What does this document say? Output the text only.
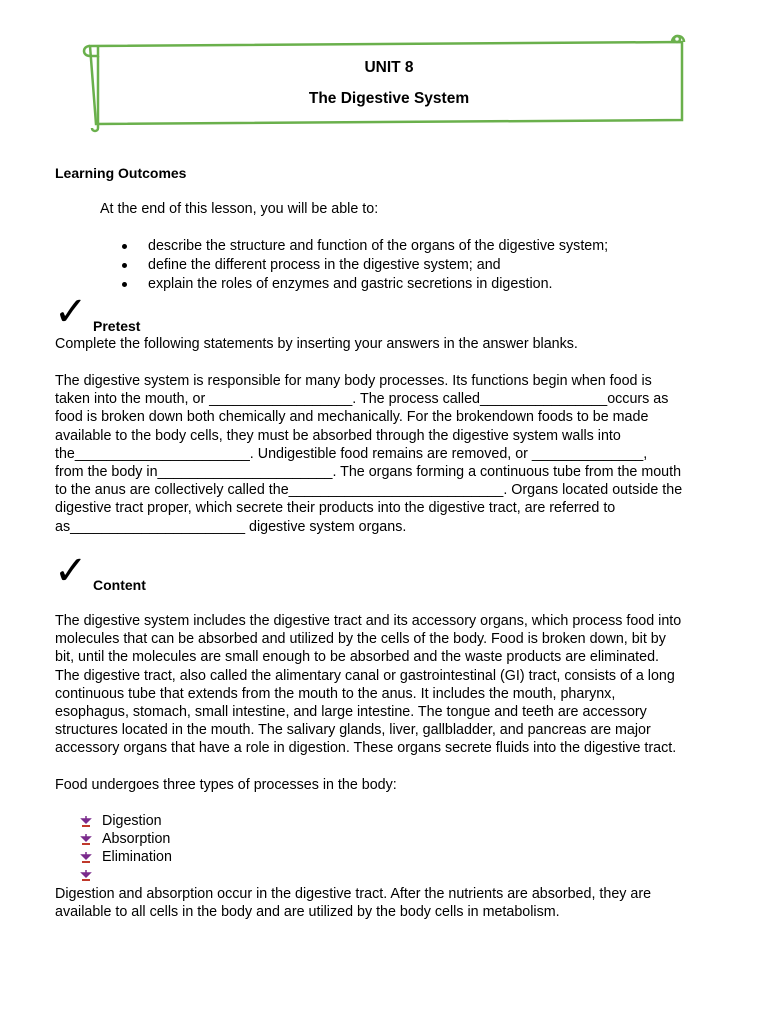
UNIT 8
The Digestive System
Learning Outcomes
At the end of this lesson, you will be able to:
describe the structure and function of the organs of the digestive system;
define the different process in the digestive system; and
explain the roles of enzymes and gastric secretions in digestion.
✓ Pretest
Complete the following statements by inserting your answers in the answer blanks.
The digestive system is responsible for many body processes. Its functions begin when food is
taken into the mouth, or __________________. The process called________________occurs as
food is broken down both chemically and mechanically. For the brokendown foods to be made
available to the body cells, they must be absorbed through the digestive system walls into
the______________________. Undigestible food remains are removed, or ______________,
from the body in______________________. The organs forming a continuous tube from the mouth
to the anus are collectively called the___________________________. Organs located outside the
digestive tract proper, which secrete their products into the digestive tract, are referred to
as______________________ digestive system organs.
✓ Content
The digestive system includes the digestive tract and its accessory organs, which process food into
molecules that can be absorbed and utilized by the cells of the body. Food is broken down, bit by
bit, until the molecules are small enough to be absorbed and the waste products are eliminated.
The digestive tract, also called the alimentary canal or gastrointestinal (GI) tract, consists of a long
continuous tube that extends from the mouth to the anus. It includes the mouth, pharynx,
esophagus, stomach, small intestine, and large intestine. The tongue and teeth are accessory
structures located in the mouth. The salivary glands, liver, gallbladder, and pancreas are major
accessory organs that have a role in digestion. These organs secrete fluids into the digestive tract.
Food undergoes three types of processes in the body:
Digestion
Absorption
Elimination
Digestion and absorption occur in the digestive tract. After the nutrients are absorbed, they are
available to all cells in the body and are utilized by the body cells in metabolism.
